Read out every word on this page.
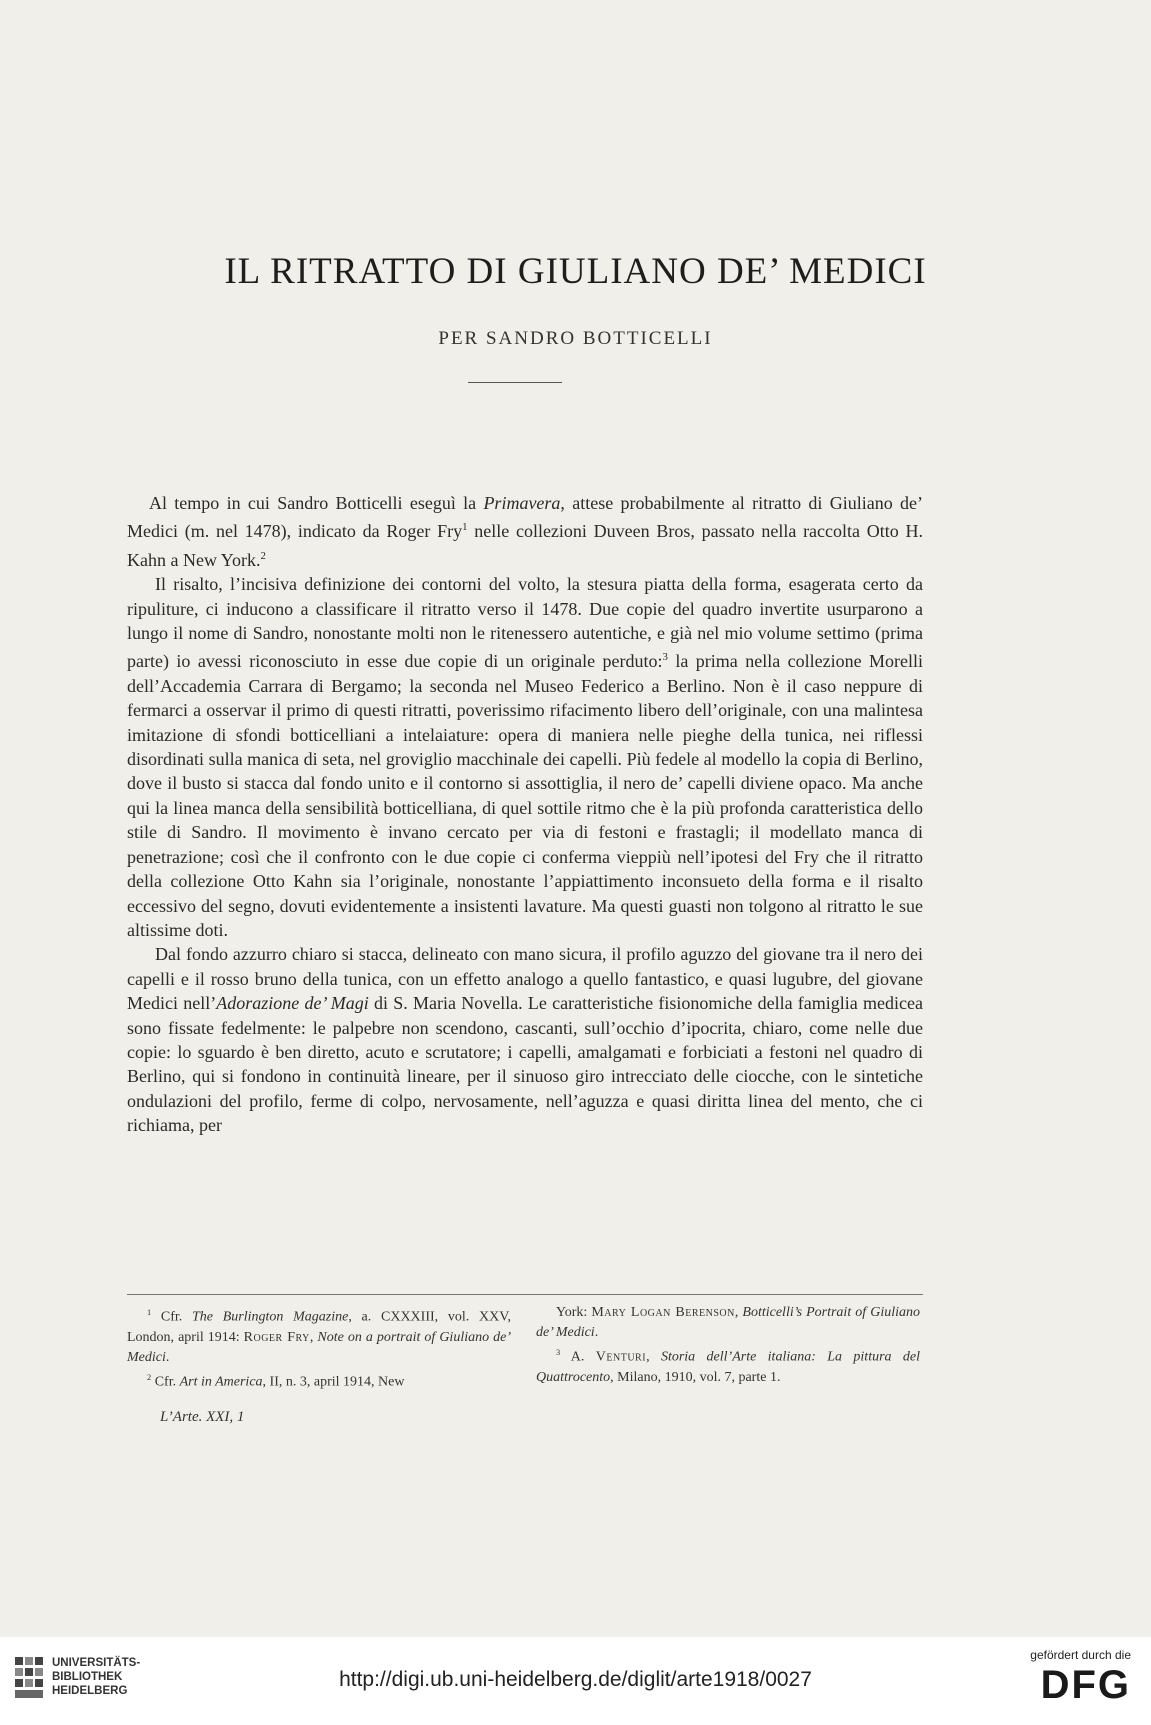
IL RITRATTO DI GIULIANO DE’ MEDICI
PER SANDRO BOTTICELLI

Al tempo in cui Sandro Botticelli eseguì la Primavera, attese probabilmente al ritratto di Giuliano de’ Medici (m. nel 1478), indicato da Roger Fry$^1$ nelle collezioni Duveen Bros, passato nella raccolta Otto H. Kahn a New York.$^2$

Il risalto, l’incisiva definizione dei contorni del volto, la stesura piatta della forma, esagerata certo da ripuliture, ci inducono a classificare il ritratto verso il 1478. Due copie del quadro invertite usurparono a lungo il nome di Sandro, nonostante molti non le ritenessero autentiche, e già nel mio volume settimo (prima parte) io avessi riconosciuto in esse due copie di un originale perduto:$^3$ la prima nella collezione Morelli dell’Accademia Carrara di Bergamo; la seconda nel Museo Federico a Berlino. Non è il caso neppure di fermarci a osservar il primo di questi ritratti, poverissimo rifacimento libero dell’originale, con una malintesa imitazione di sfondi botticelliani a intelaiature: opera di maniera nelle pieghe della tunica, nei riflessi disordinati sulla manica di seta, nel groviglio macchinale dei capelli. Più fedele al modello la copia di Berlino, dove il busto si stacca dal fondo unito e il contorno si assottiglia, il nero de’ capelli diviene opaco. Ma anche qui la linea manca della sensibilità botticelliana, di quel sottile ritmo che è la più profonda caratteristica dello stile di Sandro. Il movimento è invano cercato per via di festoni e frastagli; il modellato manca di penetrazione; così che il confronto con le due copie ci conferma vieppiù nell’ipotesi del Fry che il ritratto della collezione Otto Kahn sia l’originale, nonostante l’appiattimento inconsueto della forma e il risalto eccessivo del segno, dovuti evidentemente a insistenti lavature. Ma questi guasti non tolgono al ritratto le sue altissime doti.

Dal fondo azzurro chiaro si stacca, delineato con mano sicura, il profilo aguzzo del giovane tra il nero dei capelli e il rosso bruno della tunica, con un effetto analogo a quello fantastico, e quasi lugubre, del giovane Medici nell’Adorazione de’ Magi di S. Maria Novella. Le caratteristiche fisionomiche della famiglia medicea sono fissate fedelmente: le palpebre non scendono, cascanti, sull’occhio d’ipocrita, chiaro, come nelle due copie: lo sguardo è ben diretto, acuto e scrutatore; i capelli, amalgamati e forbiciati a festoni nel quadro di Berlino, qui si fondono in continuità lineare, per il sinuoso giro intrecciato delle ciocche, con le sintetiche ondulazioni del profilo, ferme di colpo, nervosamente, nell’aguzza e quasi diritta linea del mento, che ci richiama, per

$^1$ Cfr. The Burlington Magazine, a. CXXXIII, vol. XXV, London, april 1914: Roger Fry, Note on a portrait of Giuliano de’ Medici.

$^2$ Cfr. Art in America, II, n. 3, april 1914, New

York: Mary Logan Berenson, Botticelli’s Portrait of Giuliano de’ Medici.

$^3$ A. Venturi, Storia dell’Arte italiana: La pittura del Quattrocento, Milano, 1910, vol. 7, parte 1.

L’Arte. XXI, 1
UNIVERSITÄTS-
BIBLIOTHEK
HEIDELBERG	http://digi.ub.uni-heidelberg.de/diglit/arte1918/0027
gefördert durch die
DFG
